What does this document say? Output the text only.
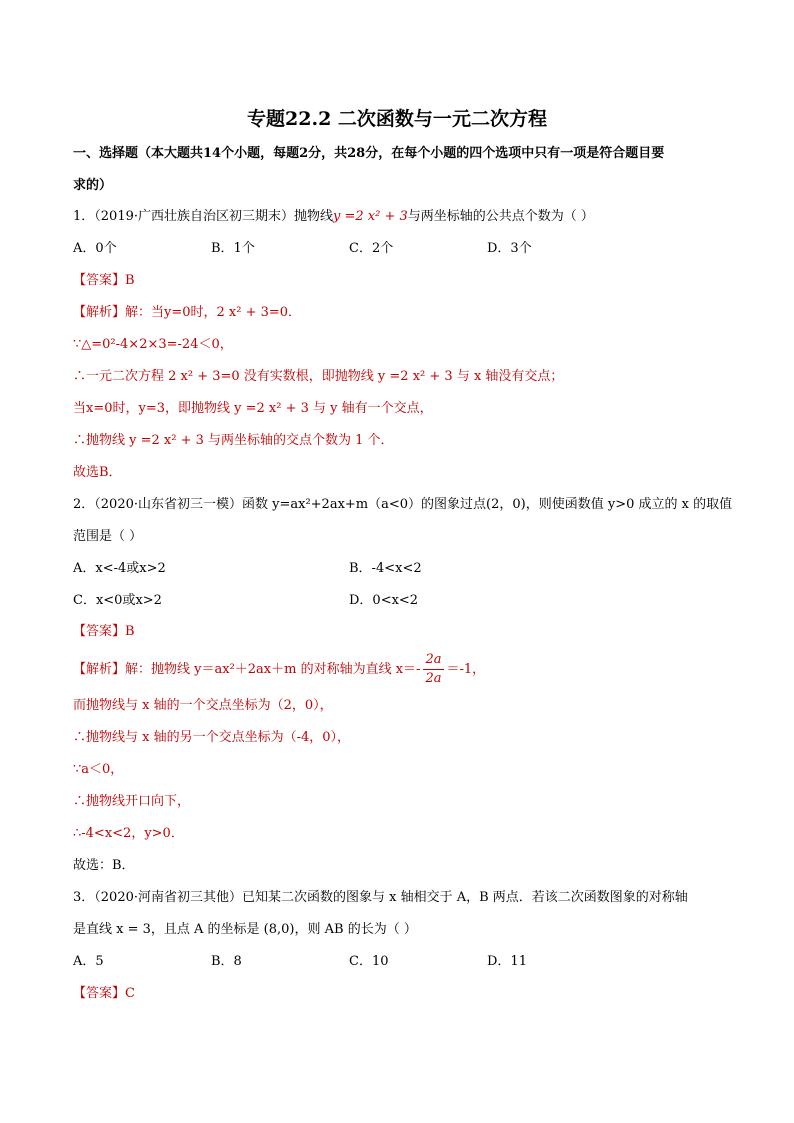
专题22.2 二次函数与一元二次方程
一、选择题（本大题共14个小题，每题2分，共28分，在每个小题的四个选项中只有一项是符合题目要
求的）
1．（2019·广西壮族自治区初三期末）抛物线y =2 x² + 3与两坐标轴的公共点个数为（ ）
A．0个	B．1个	C．2个	D．3个
【答案】B
【解析】解：当y=0时，2 x² + 3=0．
∵△=0²-4×2×3=-24＜0，
∴一元二次方程 2 x² + 3=0 没有实数根，即抛物线 y =2 x² + 3 与 x 轴没有交点；
当x=0时，y=3，即抛物线 y =2 x² + 3 与 y 轴有一个交点，
∴抛物线 y =2 x² + 3 与两坐标轴的交点个数为 1 个．
故选B．
2．（2020·山东省初三一模）函数 y=ax²+2ax+m（a<0）的图象过点(2，0)，则使函数值 y>0 成立的 x 的取值
范围是（ ）
A．x<-4或x>2	B．-4<x<2
C．x<0或x>2	D．0<x<2
【答案】B
【解析】解：抛物线 y＝ax²＋2ax＋m 的对称轴为直线 $x=- \frac{2a}{2a} =-1$，
而抛物线与 x 轴的一个交点坐标为（2，0），
∴抛物线与 x 轴的另一个交点坐标为（-4，0），
∵a＜0，
∴抛物线开口向下，
∴-4<x<2，y>0．
故选：B．
3．（2020·河南省初三其他）已知某二次函数的图象与 x 轴相交于 A，B 两点．若该二次函数图象的对称轴
是直线 x = 3，且点 A 的坐标是 (8,0)，则 AB 的长为（ ）
A．5	B．8	C．10	D．11
【答案】C
